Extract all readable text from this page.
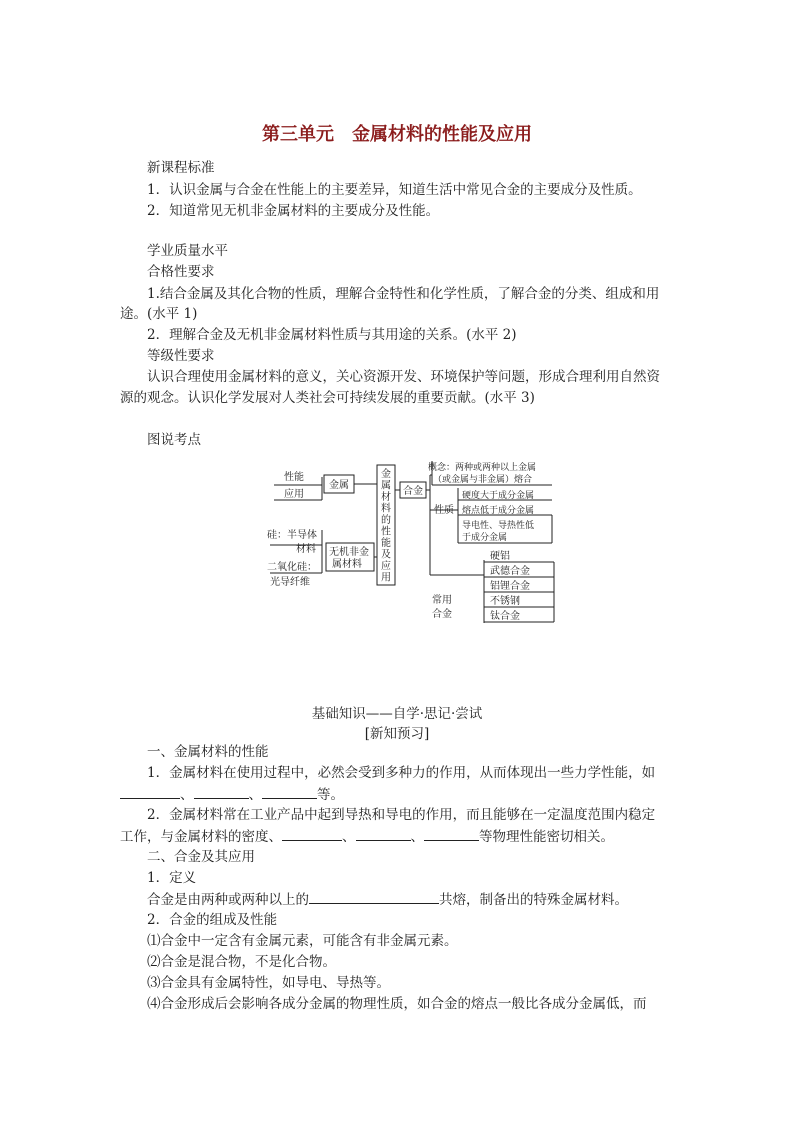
第三单元　金属材料的性能及应用
新课程标准
1．认识金属与合金在性能上的主要差异，知道生活中常见合金的主要成分及性质。
2．知道常见无机非金属材料的主要成分及性能。
学业质量水平
合格性要求
1.结合金属及其化合物的性质，理解合金特性和化学性质，了解合金的分类、组成和用
途。(水平 1)
2．理解合金及无机非金属材料性质与其用途的关系。(水平 2)
等级性要求
认识合理使用金属材料的意义，关心资源开发、环境保护等问题，形成合理利用自然资
源的观念。认识化学发展对人类社会可持续发展的重要贡献。(水平 3)
图说考点
性能
应用
金属
硅：半导体
材料
二氧化硅：
光导纤维
无机非金
属材料
合金
常用
合金
性质
概念：两种或两种以上金属
（或金属与非金属）熔合
硬度大于成分金属
熔点低于成分金属
导电性、导热性低
于成分金属
硬铝
武德合金
铝锂合金
不锈钢
钛合金
金属材料的性能及应用
基础知识——自学·思记·尝试
[新知预习]
一、金属材料的性能
1．金属材料在使用过程中，必然会受到多种力的作用，从而体现出一些力学性能，如
、	、	等。
2．金属材料常在工业产品中起到导热和导电的作用，而且能够在一定温度范围内稳定
工作，与金属材料的密度、	、	、	等物理性能密切相关。
二、合金及其应用
1．定义
合金是由两种或两种以上的	共熔，制备出的特殊金属材料。
2．合金的组成及性能
⑴合金中一定含有金属元素，可能含有非金属元素。
⑵合金是混合物，不是化合物。
⑶合金具有金属特性，如导电、导热等。
⑷合金形成后会影响各成分金属的物理性质，如合金的熔点一般比各成分金属低，而
